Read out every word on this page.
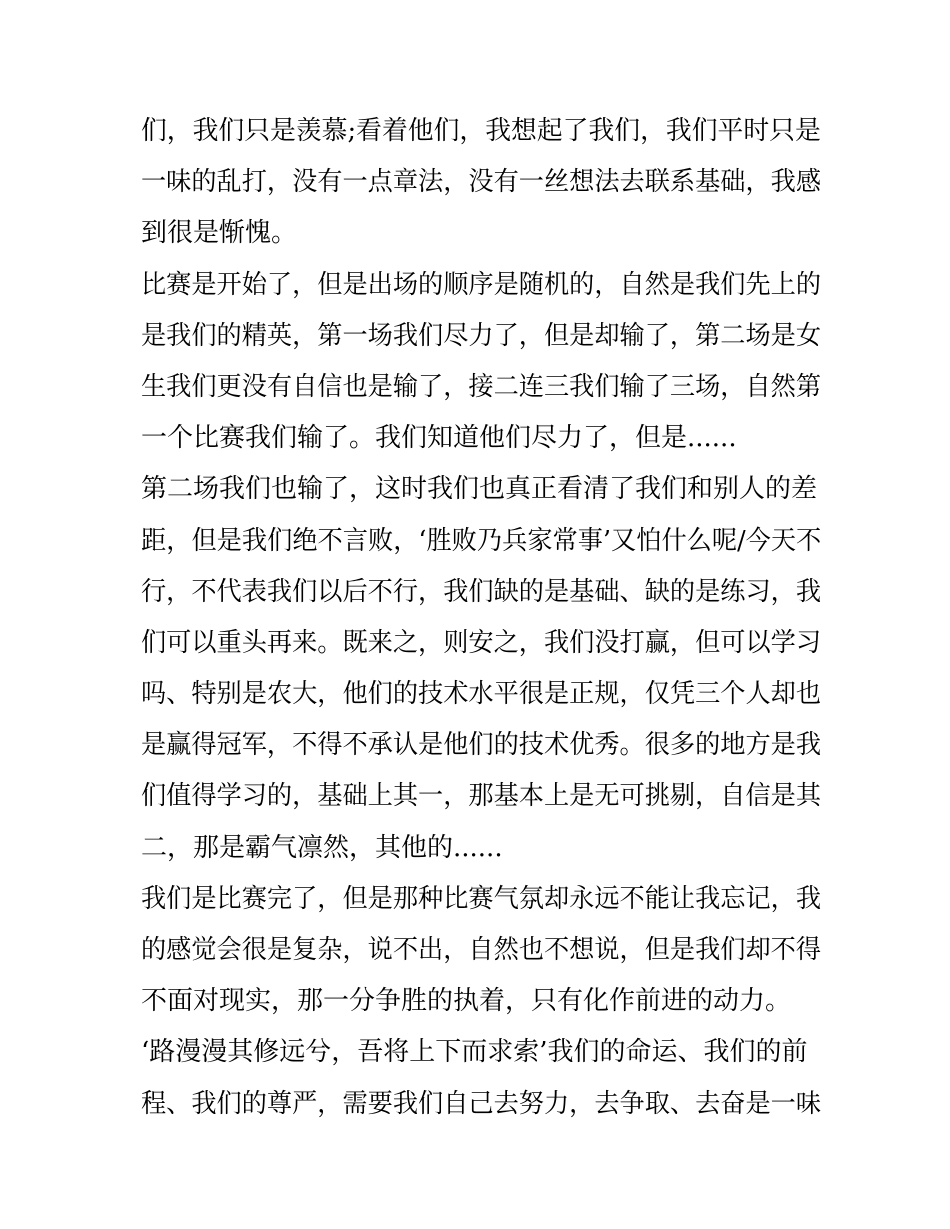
们，我们只是羡慕;看着他们，我想起了我们，我们平时只是
一味的乱打，没有一点章法，没有一丝想法去联系基础，我感
到很是惭愧。
比赛是开始了，但是出场的顺序是随机的，自然是我们先上的
是我们的精英，第一场我们尽力了，但是却输了，第二场是女
生我们更没有自信也是输了，接二连三我们输了三场，自然第
一个比赛我们输了。我们知道他们尽力了，但是......
第二场我们也输了，这时我们也真正看清了我们和别人的差
距，但是我们绝不言败，‘胜败乃兵家常事’又怕什么呢/今天不
行，不代表我们以后不行，我们缺的是基础、缺的是练习，我
们可以重头再来。既来之，则安之，我们没打赢，但可以学习
吗、特别是农大，他们的技术水平很是正规，仅凭三个人却也
是赢得冠军，不得不承认是他们的技术优秀。很多的地方是我
们值得学习的，基础上其一，那基本上是无可挑剔，自信是其
二，那是霸气凛然，其他的......
我们是比赛完了，但是那种比赛气氛却永远不能让我忘记，我
的感觉会很是复杂，说不出，自然也不想说，但是我们却不得
不面对现实，那一分争胜的执着，只有化作前进的动力。
‘路漫漫其修远兮，吾将上下而求索’我们的命运、我们的前
程、我们的尊严，需要我们自己去努力，去争取、去奋是一味
